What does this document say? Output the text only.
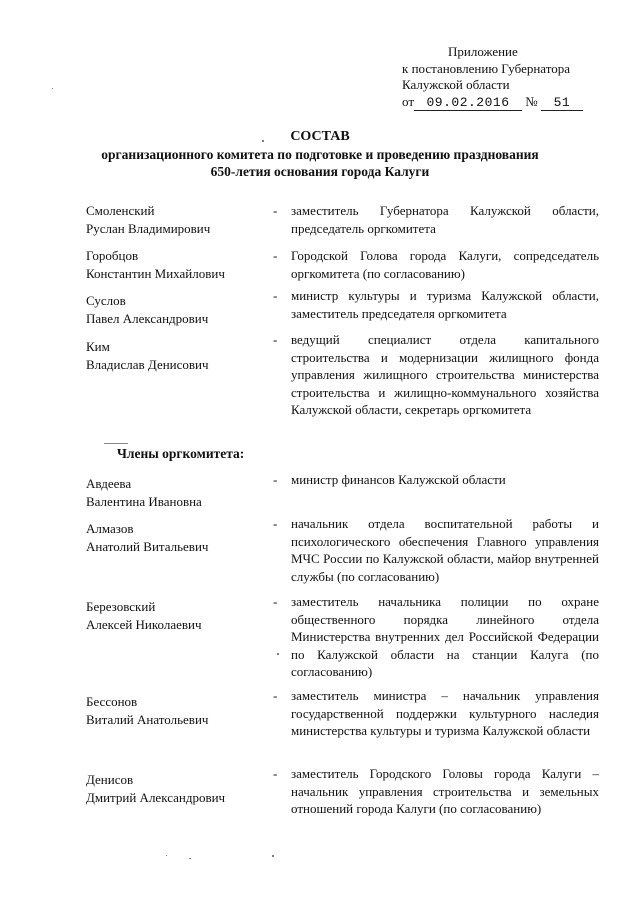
Приложение
к постановлению Губернатора
Калужской области
от 09.02.2016 № 51
СОСТАВ
организационного комитета по подготовке и проведению празднования
650-летия основания города Калуги
Смоленский
Руслан Владимирович
- заместитель Губернатора Калужской области, председатель оргкомитета
Горобцов
Константин Михайлович
- Городской Голова города Калуги, сопредседатель оргкомитета (по согласованию)
Суслов
Павел Александрович
- министр культуры и туризма Калужской области, заместитель председателя оргкомитета
Ким
Владислав Денисович
- ведущий специалист отдела капитального строительства и модернизации жилищного фонда управления жилищного строительства министерства строительства и жилищно-коммунального хозяйства Калужской области, секретарь оргкомитета
Члены оргкомитета:
Авдеева
Валентина Ивановна
- министр финансов Калужской области
Алмазов
Анатолий Витальевич
- начальник отдела воспитательной работы и психологического обеспечения Главного управления МЧС России по Калужской области, майор внутренней службы (по согласованию)
Березовский
Алексей Николаевич
- заместитель начальника полиции по охране общественного порядка линейного отдела Министерства внутренних дел Российской Федерации по Калужской области на станции Калуга (по согласованию)
Бессонов
Виталий Анатольевич
- заместитель министра – начальник управления государственной поддержки культурного наследия министерства культуры и туризма Калужской области
Денисов
Дмитрий Александрович
- заместитель Городского Головы города Калуги – начальник управления строительства и земельных отношений города Калуги (по согласованию)
